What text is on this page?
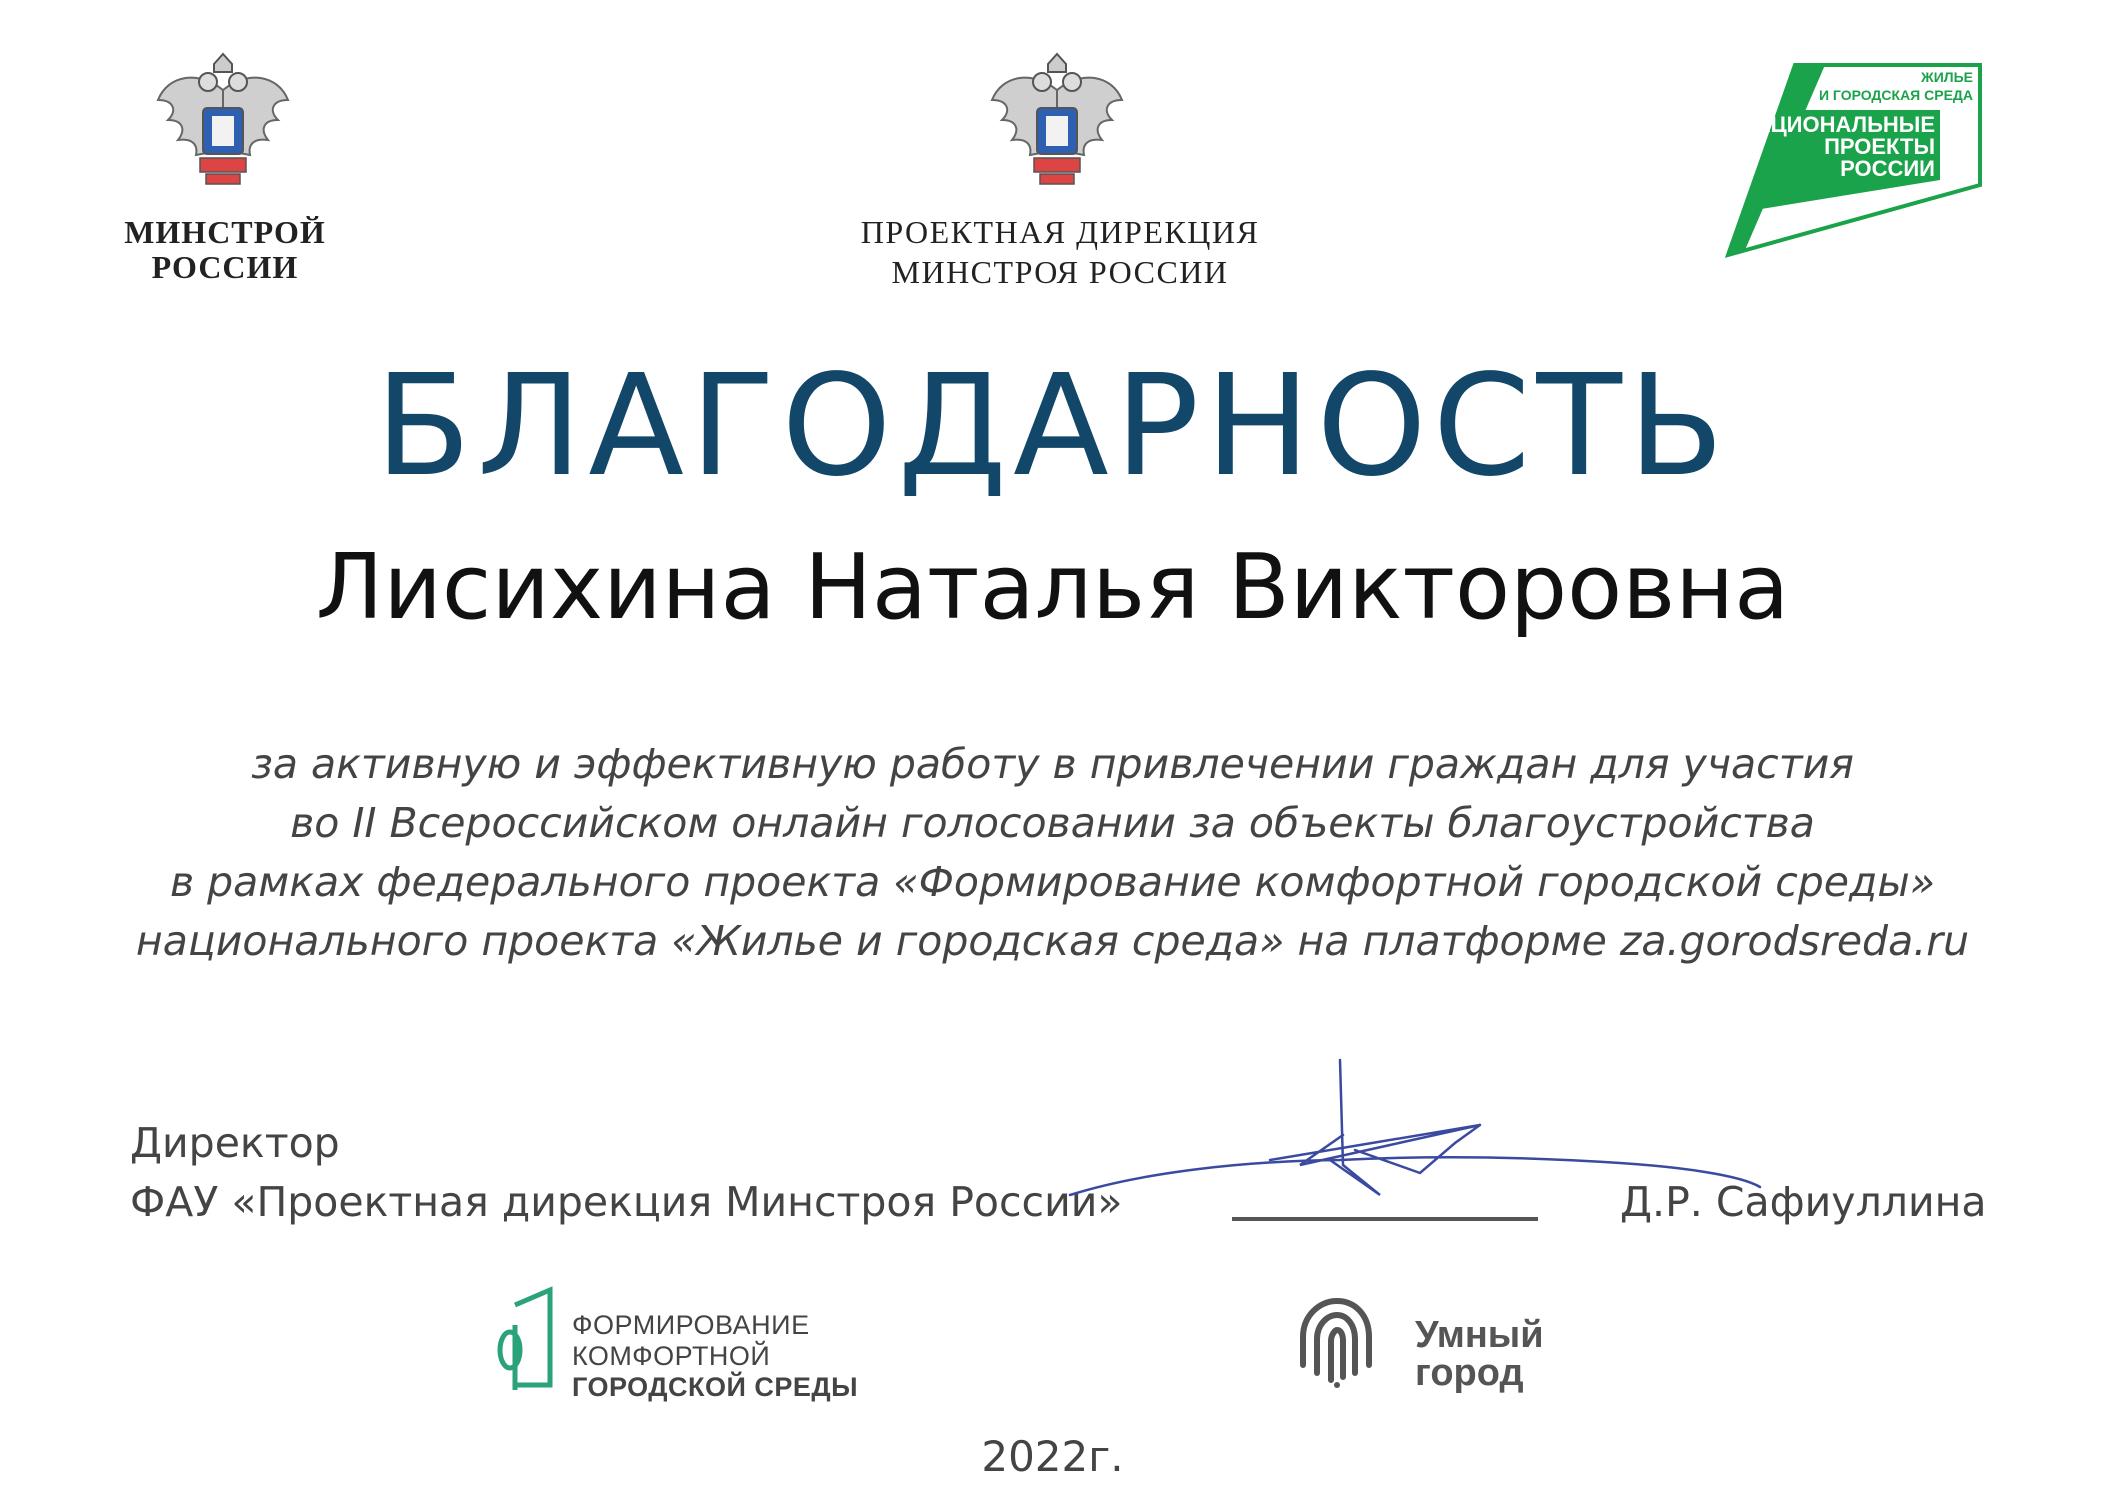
МИНСТРОЙ
РОССИИ
ПРОЕКТНАЯ ДИРЕКЦИЯ
МИНСТРОЯ РОССИИ
ЖИЛЬЕ
И ГОРОДСКАЯ СРЕДА
НАЦИОНАЛЬНЫЕ
ПРОЕКТЫ
РОССИИ
БЛАГОДАРНОСТЬ
Лисихина Наталья Викторовна
за активную и эффективную работу в привлечении граждан для участия
во II Всероссийском онлайн голосовании за объекты благоустройства
в рамках федерального проекта «Формирование комфортной городской среды»
национального проекта «Жилье и городская среда» на платформе za.gorodsreda.ru
Директор
ФАУ «Проектная дирекция Минстроя России»	Д.Р. Сафиуллина
ФОРМИРОВАНИЕ
КОМФОРТНОЙ
ГОРОДСКОЙ СРЕДЫ
Умный
город
2022г.
